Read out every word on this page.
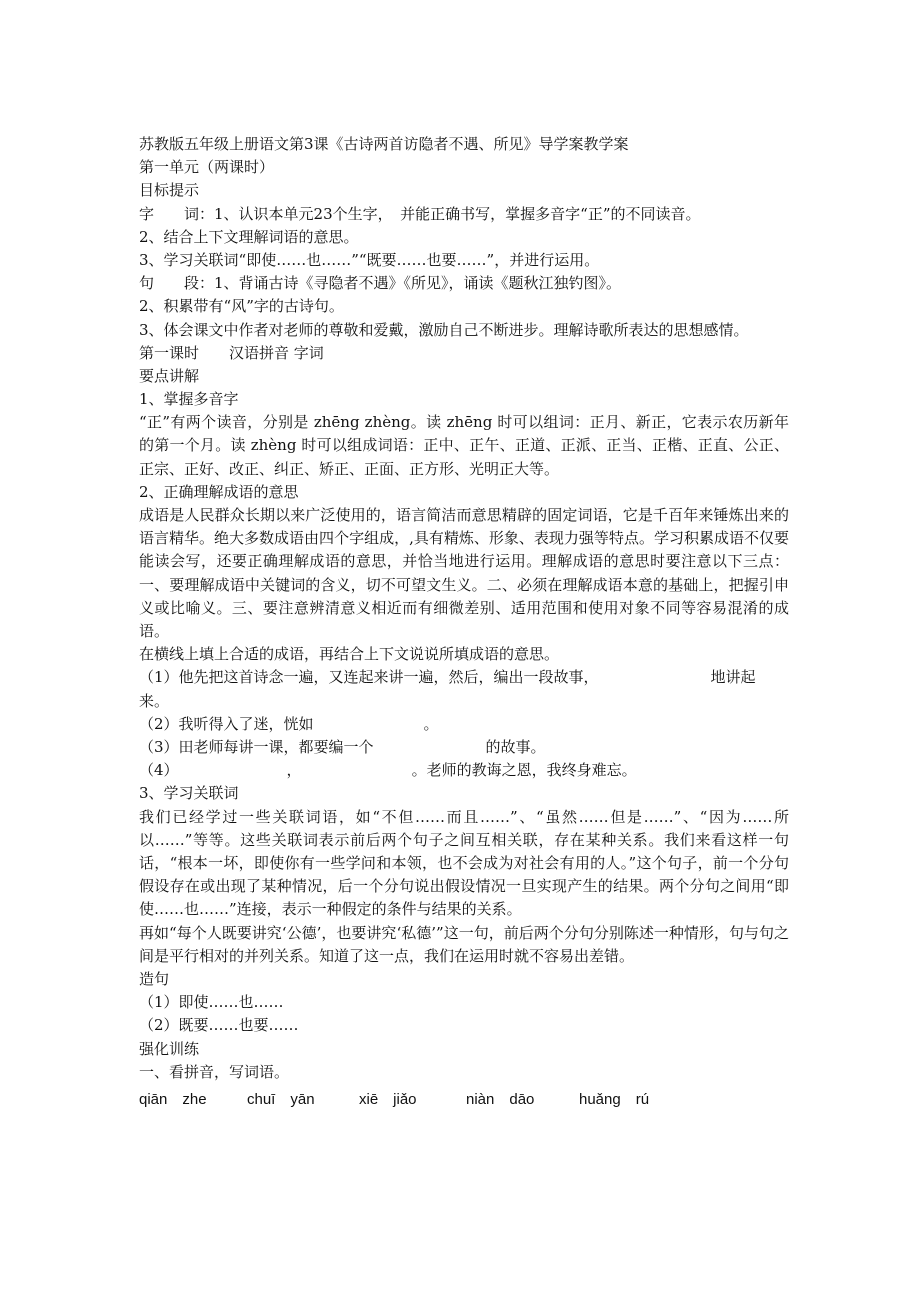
苏教版五年级上册语文第3课《古诗两首访隐者不遇、所见》导学案教学案
第一单元（两课时）
目标提示
字　　词：1、认识本单元23个生字，　并能正确书写，掌握多音字“正”的不同读音。
2、结合上下文理解词语的意思。
3、学习关联词“即使……也……”“既要……也要……”，并进行运用。
句　　段：1、背诵古诗《寻隐者不遇》《所见》，诵读《题秋江独钓图》。
2、积累带有“风”字的古诗句。
3、体会课文中作者对老师的尊敬和爱戴，激励自己不断进步。理解诗歌所表达的思想感情。
第一课时　　汉语拼音 字词
要点讲解
1、掌握多音字
“正”有两个读音，分别是 zhēng zhèng。读 zhēng 时可以组词：正月、新正，它表示农历新年的第一个月。读 zhèng 时可以组成词语：正中、正午、正道、正派、正当、正楷、正直、公正、正宗、正好、改正、纠正、矫正、正面、正方形、光明正大等。
2、正确理解成语的意思
成语是人民群众长期以来广泛使用的，语言简洁而意思精辟的固定词语，它是千百年来锤炼出来的语言精华。绝大多数成语由四个字组成，,具有精炼、形象、表现力强等特点。学习积累成语不仅要能读会写，还要正确理解成语的意思，并恰当地进行运用。理解成语的意思时要注意以下三点：一、要理解成语中关键词的含义，切不可望文生义。二、必须在理解成语本意的基础上，把握引申义或比喻义。三、要注意辨清意义相近而有细微差别、适用范围和使用对象不同等容易混淆的成语。
在横线上填上合适的成语，再结合上下文说说所填成语的意思。
（1）他先把这首诗念一遍，又连起来讲一遍，然后，编出一段故事，	地讲起
来。
（2）我听得入了迷，恍如	。
（3）田老师每讲一课，都要编一个	的故事。
（4）	，	。老师的教诲之恩，我终身难忘。
3、学习关联词
我们已经学过一些关联词语，如“不但……而且……”、“虽然……但是……”、“因为……所以……”等等。这些关联词表示前后两个句子之间互相关联，存在某种关系。我们来看这样一句话，“根本一坏，即使你有一些学问和本领，也不会成为对社会有用的人。”这个句子，前一个分句假设存在或出现了某种情况，后一个分句说出假设情况一旦实现产生的结果。两个分句之间用“即使……也……”连接，表示一种假定的条件与结果的关系。
再如“每个人既要讲究‘公德’，也要讲究‘私德’”这一句，前后两个分句分别陈述一种情形，句与句之间是平行相对的并列关系。知道了这一点，我们在运用时就不容易出差错。
造句
（1）即使……也……
（2）既要……也要……
强化训练
一、看拼音，写词语。
qiān　zhe	chuī　yān	xiē　jiǎo	niàn　dāo	huǎng　rú
